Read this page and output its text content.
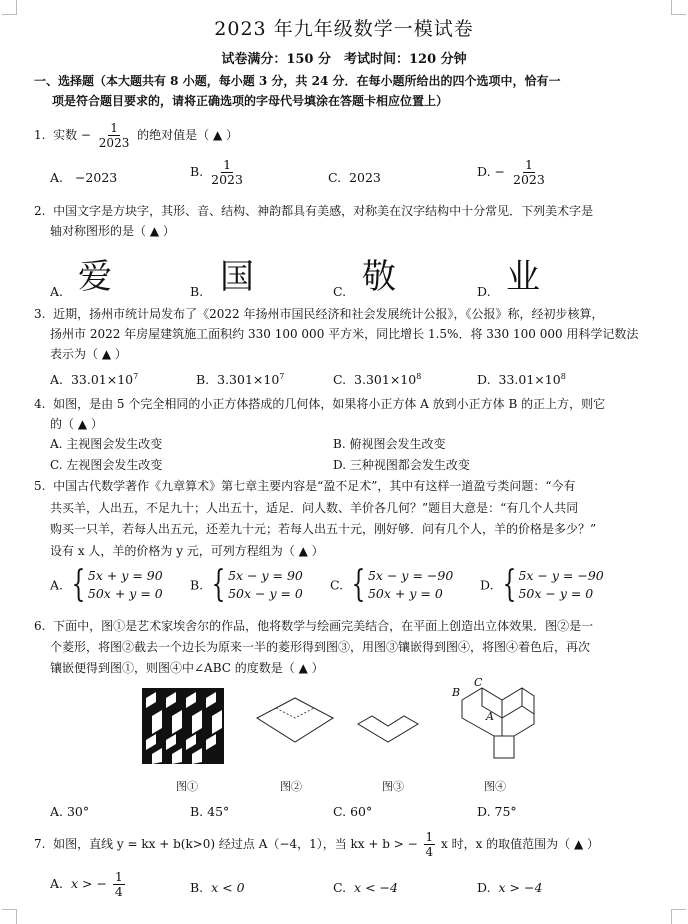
2023 年九年级数学一模试卷
试卷满分：150 分　考试时间：120 分钟
一、选择题（本大题共有 8 小题，每小题 3 分，共 24 分．在每小题所给出的四个选项中，恰有一
项是符合题目要求的，请将正确选项的字母代号填涂在答题卡相应位置上）
1. 实数 − $\frac{1}{2023}$ 的绝对值是（ ▲ ）
A. −2023	B. $\frac{1}{2023}$	C. 2023	D. − $\frac{1}{2023}$
2. 中国文字是方块字，其形、音、结构、神韵都具有美感，对称美在汉字结构中十分常见．下列美术字是
轴对称图形的是（ ▲ ）
爱	国	敬	业
A.	B.	C.	D.
3. 近期，扬州市统计局发布了《2022 年扬州市国民经济和社会发展统计公报》，《公报》称，经初步核算，
扬州市 2022 年房屋建筑施工面积约 330 100 000 平方米，同比增长 1.5%．将 330 100 000 用科学记数法
表示为（ ▲ ）
A. $33.01\times 10^7$	B. $3.301\times 10^7$	C. $3.301\times 10^8$	D. $33.01\times 10^8$
4. 如图，是由 5 个完全相同的小正方体搭成的几何体，如果将小正方体 A 放到小正方体 B 的正上方，则它
的（ ▲ ）
A. 主视图会发生改变	B. 俯视图会发生改变
C. 左视图会发生改变	D. 三种视图都会发生改变
5. 中国古代数学著作《九章算术》第七章主要内容是“盈不足术”，其中有这样一道盈亏类问题：“今有
共买羊，人出五，不足九十；人出五十，适足．问人数、羊价各几何？”题目大意是：“有几个人共同
购买一只羊，若每人出五元，还差九十元；若每人出五十元，刚好够．问有几个人，羊的价格是多少？”
设有 x 人，羊的价格为 y 元，可列方程组为（ ▲ ）
A. { 5x + y = 90
50x + y = 0
B. { 5x − y = 90
50x − y = 0
C. { 5x − y = −90
50x + y = 0
D. { 5x − y = −90
50x − y = 0
6. 下面中，图①是艺术家埃舍尔的作品，他将数学与绘画完美结合，在平面上创造出立体效果．图②是一
个菱形，将图②截去一个边长为原来一半的菱形得到图③，用图③镶嵌得到图④，将图④着色后，再次
镶嵌便得到图①，则图④中∠ABC 的度数是（ ▲ ）
B
C
A
图①	图②	图③	图④
A. 30°	B. 45°	C. 60°	D. 75°
7. 如图，直线 y = kx + b(k>0) 经过点 A（−4，1），当 kx + b > − $\frac{1}{4}$ x 时，x 的取值范围为（ ▲ ）
A. x > − $\frac{1}{4}$	B. x < 0	C. x < −4	D. x > −4
